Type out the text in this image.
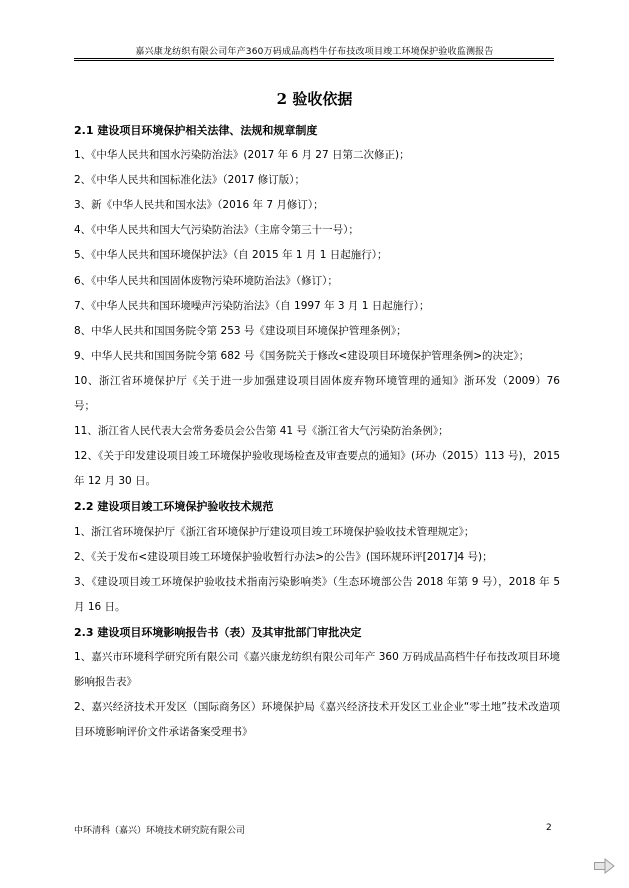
嘉兴康龙纺织有限公司年产360万码成品高档牛仔布技改项目竣工环境保护验收监测报告
2 验收依据
2.1 建设项目环境保护相关法律、法规和规章制度
1、《中华人民共和国水污染防治法》(2017 年 6 月 27 日第二次修正)；
2、《中华人民共和国标准化法》（2017 修订版）；
3、新《中华人民共和国水法》（2016 年 7 月修订）；
4、《中华人民共和国大气污染防治法》（主席令第三十一号）；
5、《中华人民共和国环境保护法》（自 2015 年 1 月 1 日起施行）；
6、《中华人民共和国固体废物污染环境防治法》（修订）；
7、《中华人民共和国环境噪声污染防治法》（自 1997 年 3 月 1 日起施行）；
8、中华人民共和国国务院令第 253 号《建设项目环境保护管理条例》；
9、中华人民共和国国务院令第 682 号《国务院关于修改<建设项目环境保护管理条例>的决定》；
10、浙江省环境保护厅《关于进一步加强建设项目固体废弃物环境管理的通知》浙环发（2009）76 号；
11、浙江省人民代表大会常务委员会公告第 41 号《浙江省大气污染防治条例》；
12、《关于印发建设项目竣工环境保护验收现场检查及审查要点的通知》(环办（2015）113 号)，2015 年 12 月 30 日。
2.2 建设项目竣工环境保护验收技术规范
1、浙江省环境保护厅《浙江省环境保护厅建设项目竣工环境保护验收技术管理规定》；
2、《关于发布<建设项目竣工环境保护验收暂行办法>的公告》(国环规环评[2017]4 号)；
3、《建设项目竣工环境保护验收技术指南污染影响类》（生态环境部公告 2018 年第 9 号），2018 年 5 月 16 日。
2.3 建设项目环境影响报告书（表）及其审批部门审批决定
1、嘉兴市环境科学研究所有限公司《嘉兴康龙纺织有限公司年产 360 万码成品高档牛仔布技改项目环境影响报告表》
2、嘉兴经济技术开发区（国际商务区）环境保护局《嘉兴经济技术开发区工业企业“零土地”技术改造项目环境影响评价文件承诺备案受理书》
中环清科（嘉兴）环境技术研究院有限公司	2
